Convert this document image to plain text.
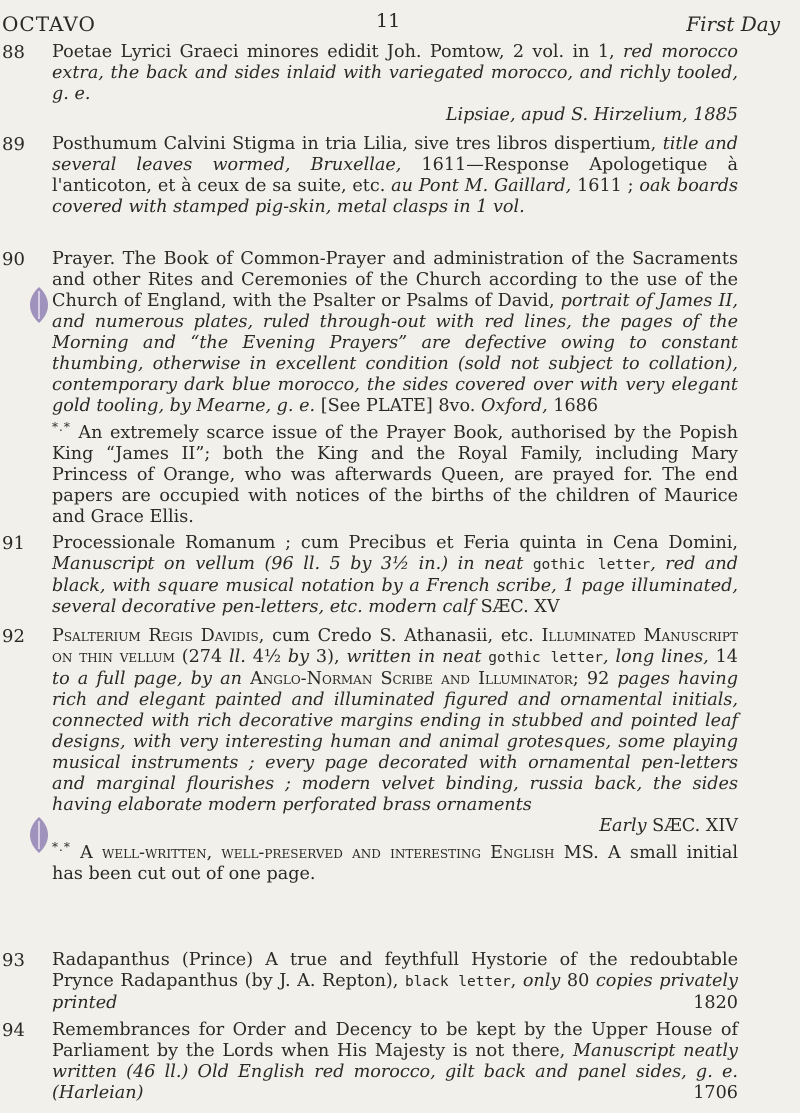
OCTAVO	11	First Day
88	Poetae Lyrici Graeci minores edidit Joh. Pomtow, 2 vol. in 1, red morocco extra, the back and sides inlaid with variegated morocco, and richly tooled, g. e.
Lipsiae, apud S. Hirzelium, 1885
89	Posthumum Calvini Stigma in tria Lilia, sive tres libros dispertium, title and several leaves wormed, Bruxellae, 1611—Response Apologetique à l'anticoton, et à ceux de sa suite, etc. au Pont M. Gaillard, 1611 ; oak boards covered with stamped pig-skin, metal clasps in 1 vol.
90	Prayer. The Book of Common-Prayer and administration of the Sacraments and other Rites and Ceremonies of the Church according to the use of the Church of England, with the Psalter or Psalms of David, portrait of James II, and numerous plates, ruled through-out with red lines, the pages of the Morning and “the Evening Prayers” are defective owing to constant thumbing, otherwise in excellent condition (sold not subject to collation), contemporary dark blue morocco, the sides covered over with very elegant gold tooling, by Mearne, g. e. [See PLATE] 8vo. Oxford, 1686
*.* An extremely scarce issue of the Prayer Book, authorised by the Popish King “James II”; both the King and the Royal Family, including Mary Princess of Orange, who was afterwards Queen, are prayed for. The end papers are occupied with notices of the births of the children of Maurice and Grace Ellis.
91	Processionale Romanum ; cum Precibus et Feria quinta in Cena Domini, Manuscript on vellum (96 ll. 5 by 3½ in.) in neat gothic letter, red and black, with square musical notation by a French scribe, 1 page illuminated, several decorative pen-letters, etc. modern calf SÆC. XV
92	Psalterium Regis Davidis, cum Credo S. Athanasii, etc. Illuminated Manuscript on thin vellum (274 ll. 4½ by 3), written in neat gothic letter, long lines, 14 to a full page, by an Anglo-Norman Scribe and Illuminator; 92 pages having rich and elegant painted and illuminated figured and ornamental initials, connected with rich decorative margins ending in stubbed and pointed leaf designs, with very interesting human and animal grotesques, some playing musical instruments ; every page decorated with ornamental pen-letters and marginal flourishes ; modern velvet binding, russia back, the sides having elaborate modern perforated brass ornaments
Early SÆC. XIV
*.* A well-written, well-preserved and interesting English MS. A small initial has been cut out of one page.
93	Radapanthus (Prince) A true and feythfull Hystorie of the redoubtable Prynce Radapanthus (by J. A. Repton), black letter, only 80 copies privately printed	1820
94	Remembrances for Order and Decency to be kept by the Upper House of Parliament by the Lords when His Majesty is not there, Manuscript neatly written (46 ll.) Old English red morocco, gilt back and panel sides, g. e. (Harleian)	1706
